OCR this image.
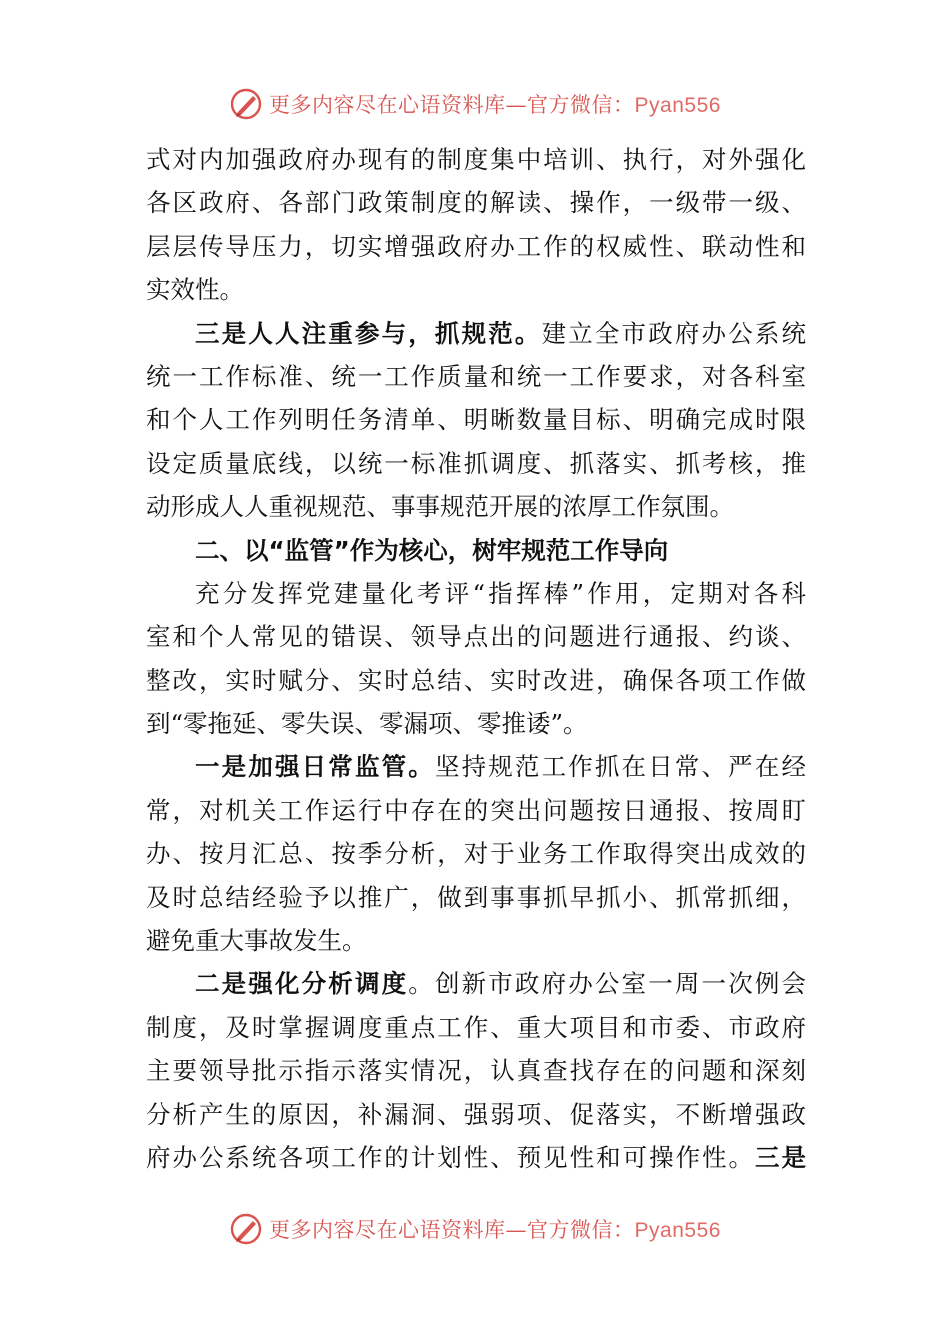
更多内容尽在心语资料库—官方微信：Pyan556
式对内加强政府办现有的制度集中培训、执行，对外强化
各区政府、各部门政策制度的解读、操作，一级带一级、
层层传导压力，切实增强政府办工作的权威性、联动性和
实效性。
三是人人注重参与，抓规范。建立全市政府办公系统
统一工作标准、统一工作质量和统一工作要求，对各科室
和个人工作列明任务清单、明晰数量目标、明确完成时限
设定质量底线，以统一标准抓调度、抓落实、抓考核，推
动形成人人重视规范、事事规范开展的浓厚工作氛围。
二、以“监管”作为核心，树牢规范工作导向
充分发挥党建量化考评“指挥棒”作用，定期对各科
室和个人常见的错误、领导点出的问题进行通报、约谈、
整改，实时赋分、实时总结、实时改进，确保各项工作做
到“零拖延、零失误、零漏项、零推诿”。
一是加强日常监管。坚持规范工作抓在日常、严在经
常，对机关工作运行中存在的突出问题按日通报、按周盯
办、按月汇总、按季分析，对于业务工作取得突出成效的
及时总结经验予以推广，做到事事抓早抓小、抓常抓细，
避免重大事故发生。
二是强化分析调度。创新市政府办公室一周一次例会
制度，及时掌握调度重点工作、重大项目和市委、市政府
主要领导批示指示落实情况，认真查找存在的问题和深刻
分析产生的原因，补漏洞、强弱项、促落实，不断增强政
府办公系统各项工作的计划性、预见性和可操作性。三是
更多内容尽在心语资料库—官方微信：Pyan556
